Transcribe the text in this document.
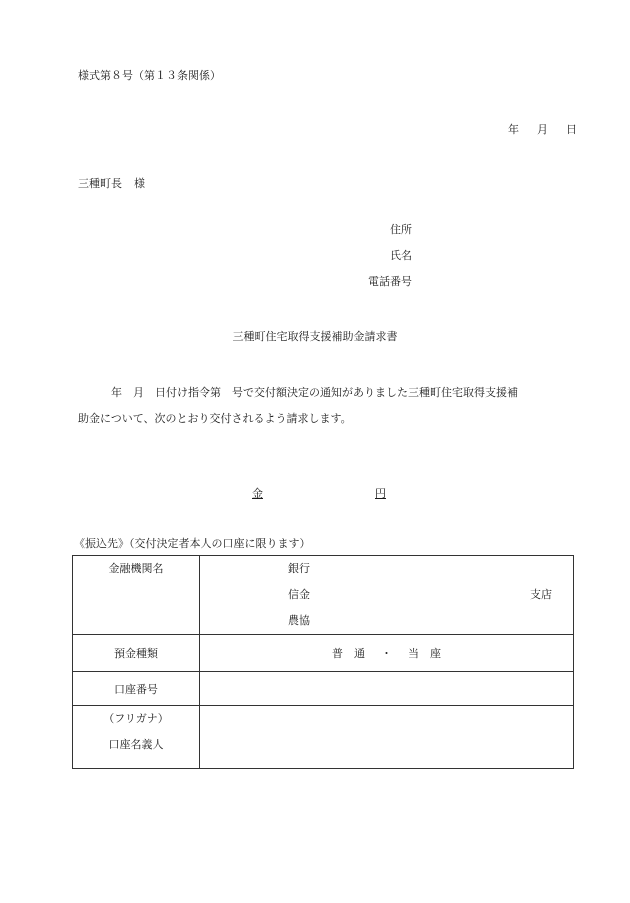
様式第８号（第１３条関係）
年 月 日
三種町長 様
住所
氏名
電話番号
三種町住宅取得支援補助金請求書

　　　年　月　日付け指令第　号で交付額決定の通知がありました三種町住宅取得支援補

助金について、次のとおり交付されるよう請求します。

金	円
《振込先》（交付決定者本人の口座に限ります）
金融機関名	銀行
信金 支店
農協

預金種類	普　通 ・ 当　座
口座番号	

（フリガナ）
口座名義人	
